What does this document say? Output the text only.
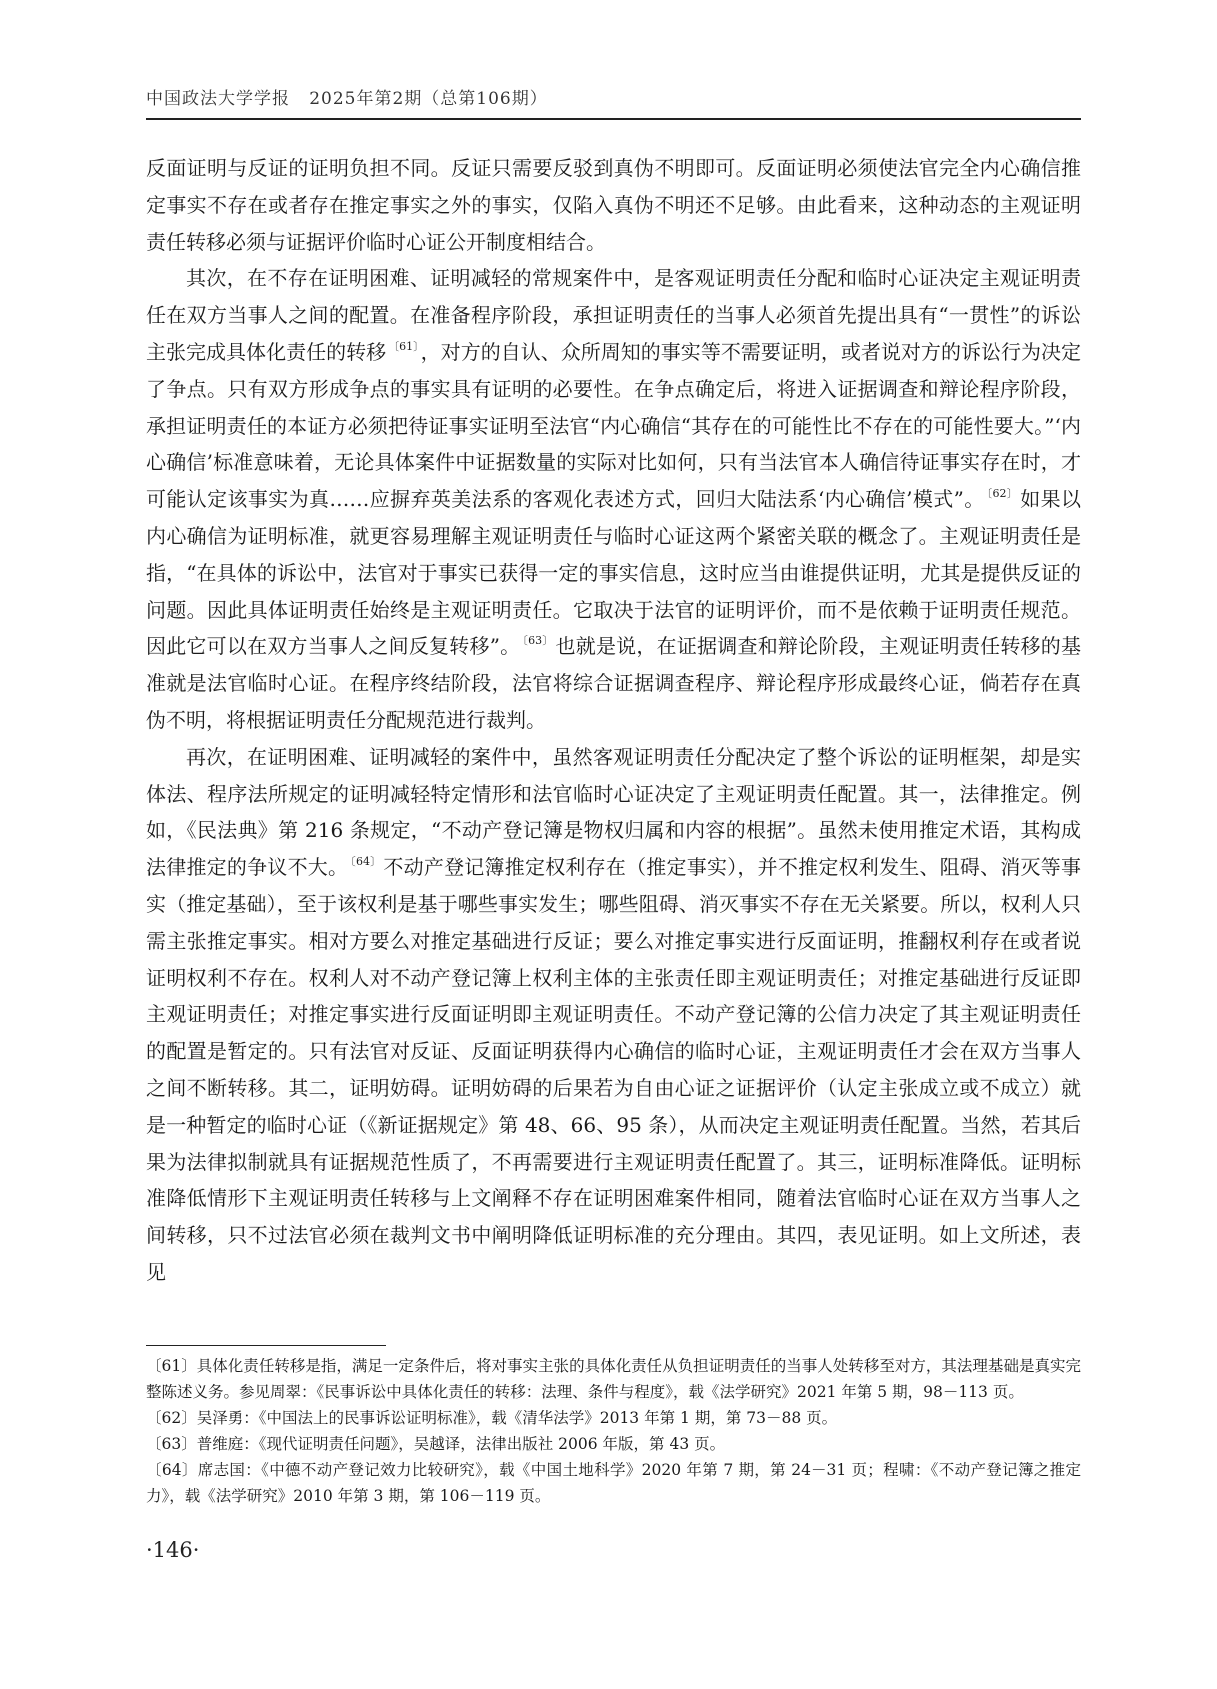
中国政法大学学报 2025年第2期（总第106期）

反面证明与反证的证明负担不同。反证只需要反驳到真伪不明即可。反面证明必须使法官完全内心确信推定事实不存在或者存在推定事实之外的事实，仅陷入真伪不明还不足够。由此看来，这种动态的主观证明责任转移必须与证据评价临时心证公开制度相结合。

其次，在不存在证明困难、证明减轻的常规案件中，是客观证明责任分配和临时心证决定主观证明责任在双方当事人之间的配置。在准备程序阶段，承担证明责任的当事人必须首先提出具有“一贯性”的诉讼主张完成具体化责任的转移 $^{〔61〕}$ ，对方的自认、众所周知的事实等不需要证明，或者说对方的诉讼行为决定了争点。只有双方形成争点的事实具有证明的必要性。在争点确定后，将进入证据调查和辩论程序阶段，承担证明责任的本证方必须把待证事实证明至法官“内心确信“其存在的可能性比不存在的可能性要大。”‘内心确信’标准意味着，无论具体案件中证据数量的实际对比如何，只有当法官本人确信待证事实存在时，才可能认定该事实为真……应摒弃英美法系的客观化表述方式，回归大陆法系‘内心确信’模式”。 $^{〔62〕}$ 如果以内心确信为证明标准，就更容易理解主观证明责任与临时心证这两个紧密关联的概念了。主观证明责任是指，“在具体的诉讼中，法官对于事实已获得一定的事实信息，这时应当由谁提供证明，尤其是提供反证的问题。因此具体证明责任始终是主观证明责任。它取决于法官的证明评价，而不是依赖于证明责任规范。因此它可以在双方当事人之间反复转移”。 $^{〔63〕}$ 也就是说，在证据调查和辩论阶段，主观证明责任转移的基准就是法官临时心证。在程序终结阶段，法官将综合证据调查程序、辩论程序形成最终心证，倘若存在真伪不明，将根据证明责任分配规范进行裁判。

再次，在证明困难、证明减轻的案件中，虽然客观证明责任分配决定了整个诉讼的证明框架，却是实体法、程序法所规定的证明减轻特定情形和法官临时心证决定了主观证明责任配置。其一，法律推定。例如，《民法典》第 216 条规定，“不动产登记簿是物权归属和内容的根据”。虽然未使用推定术语，其构成法律推定的争议不大。 $^{〔64〕}$ 不动产登记簿推定权利存在（推定事实），并不推定权利发生、阻碍、消灭等事实（推定基础），至于该权利是基于哪些事实发生；哪些阻碍、消灭事实不存在无关紧要。所以，权利人只需主张推定事实。相对方要么对推定基础进行反证；要么对推定事实进行反面证明，推翻权利存在或者说证明权利不存在。权利人对不动产登记簿上权利主体的主张责任即主观证明责任；对推定基础进行反证即主观证明责任；对推定事实进行反面证明即主观证明责任。不动产登记簿的公信力决定了其主观证明责任的配置是暂定的。只有法官对反证、反面证明获得内心确信的临时心证，主观证明责任才会在双方当事人之间不断转移。其二，证明妨碍。证明妨碍的后果若为自由心证之证据评价（认定主张成立或不成立）就是一种暂定的临时心证（《新证据规定》第 48、66、95 条），从而决定主观证明责任配置。当然，若其后果为法律拟制就具有证据规范性质了，不再需要进行主观证明责任配置了。其三，证明标准降低。证明标准降低情形下主观证明责任转移与上文阐释不存在证明困难案件相同，随着法官临时心证在双方当事人之间转移，只不过法官必须在裁判文书中阐明降低证明标准的充分理由。其四，表见证明。如上文所述，表见

〔61〕具体化责任转移是指，满足一定条件后，将对事实主张的具体化责任从负担证明责任的当事人处转移至对方，其法理基础是真实完整陈述义务。参见周翠：《民事诉讼中具体化责任的转移：法理、条件与程度》，载《法学研究》2021 年第 5 期，98－113 页。

〔62〕吴泽勇：《中国法上的民事诉讼证明标准》，载《清华法学》2013 年第 1 期，第 73－88 页。

〔63〕普维庭：《现代证明责任问题》，吴越译，法律出版社 2006 年版，第 43 页。

〔64〕席志国：《中德不动产登记效力比较研究》，载《中国土地科学》2020 年第 7 期，第 24－31 页；程啸：《不动产登记簿之推定力》，载《法学研究》2010 年第 3 期，第 106－119 页。

·146·
